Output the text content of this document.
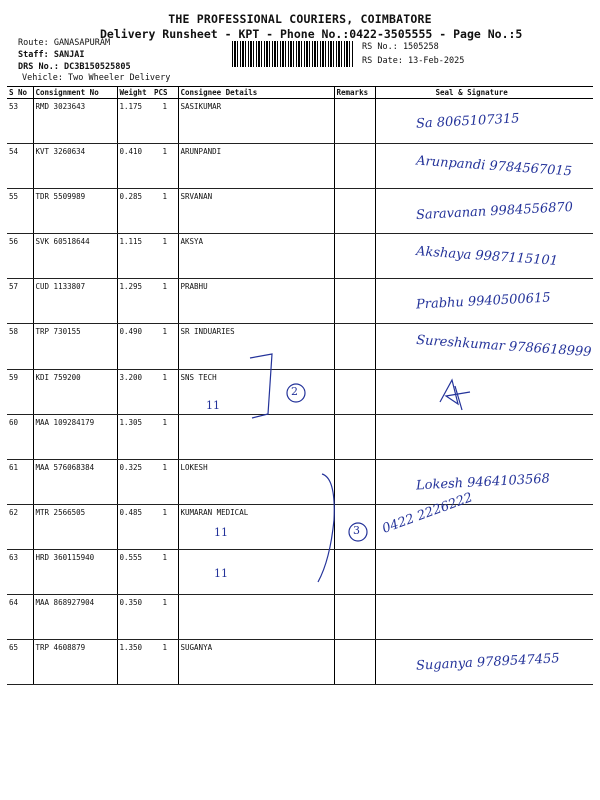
THE PROFESSIONAL COURIERS, COIMBATORE
Delivery Runsheet - KPT - Phone No.:0422-3505555 - Page No.:5
Route: GANASAPURAM
Staff: SANJAI
DRS No.: DC3B150525805
Vehicle: Two Wheeler Delivery
RS No.: 1505258
RS Date: 13-Feb-2025
S No	Consignment No	Weight	PCS	Consignee Details	Remarks	Seal & Signature
53	RMD 3023643	1.175	1	SASIKUMAR		Sa 8065107315
54	KVT 3260634	0.410	1	ARUNPANDI		Arunpandi 9784567015
55	TDR 5509989	0.285	1	SRVANAN		Saravanan 9984556870
56	SVK 60518644	1.115	1	AKSYA		Akshaya 9987115101
57	CUD 1133807	1.295	1	PRABHU		Prabhu 9940500615
58	TRP 730155	0.490	1	SR INDUARIES		Sureshkumar 9786618999
59	KDI 759200	3.200	1	SNS TECH		
60	MAA 109284179	1.305	1			
61	MAA 576068384	0.325	1	LOKESH		Lokesh 9464103568
62	MTR 2566505	0.485	1	KUMARAN MEDICAL		
63	HRD 360115940	0.555	1			
64	MAA 868927904	0.350	1			
65	TRP 4608879	1.350	1	SUGANYA		Suganya 9789547455
11
2
3
11
11
0422 2226222
